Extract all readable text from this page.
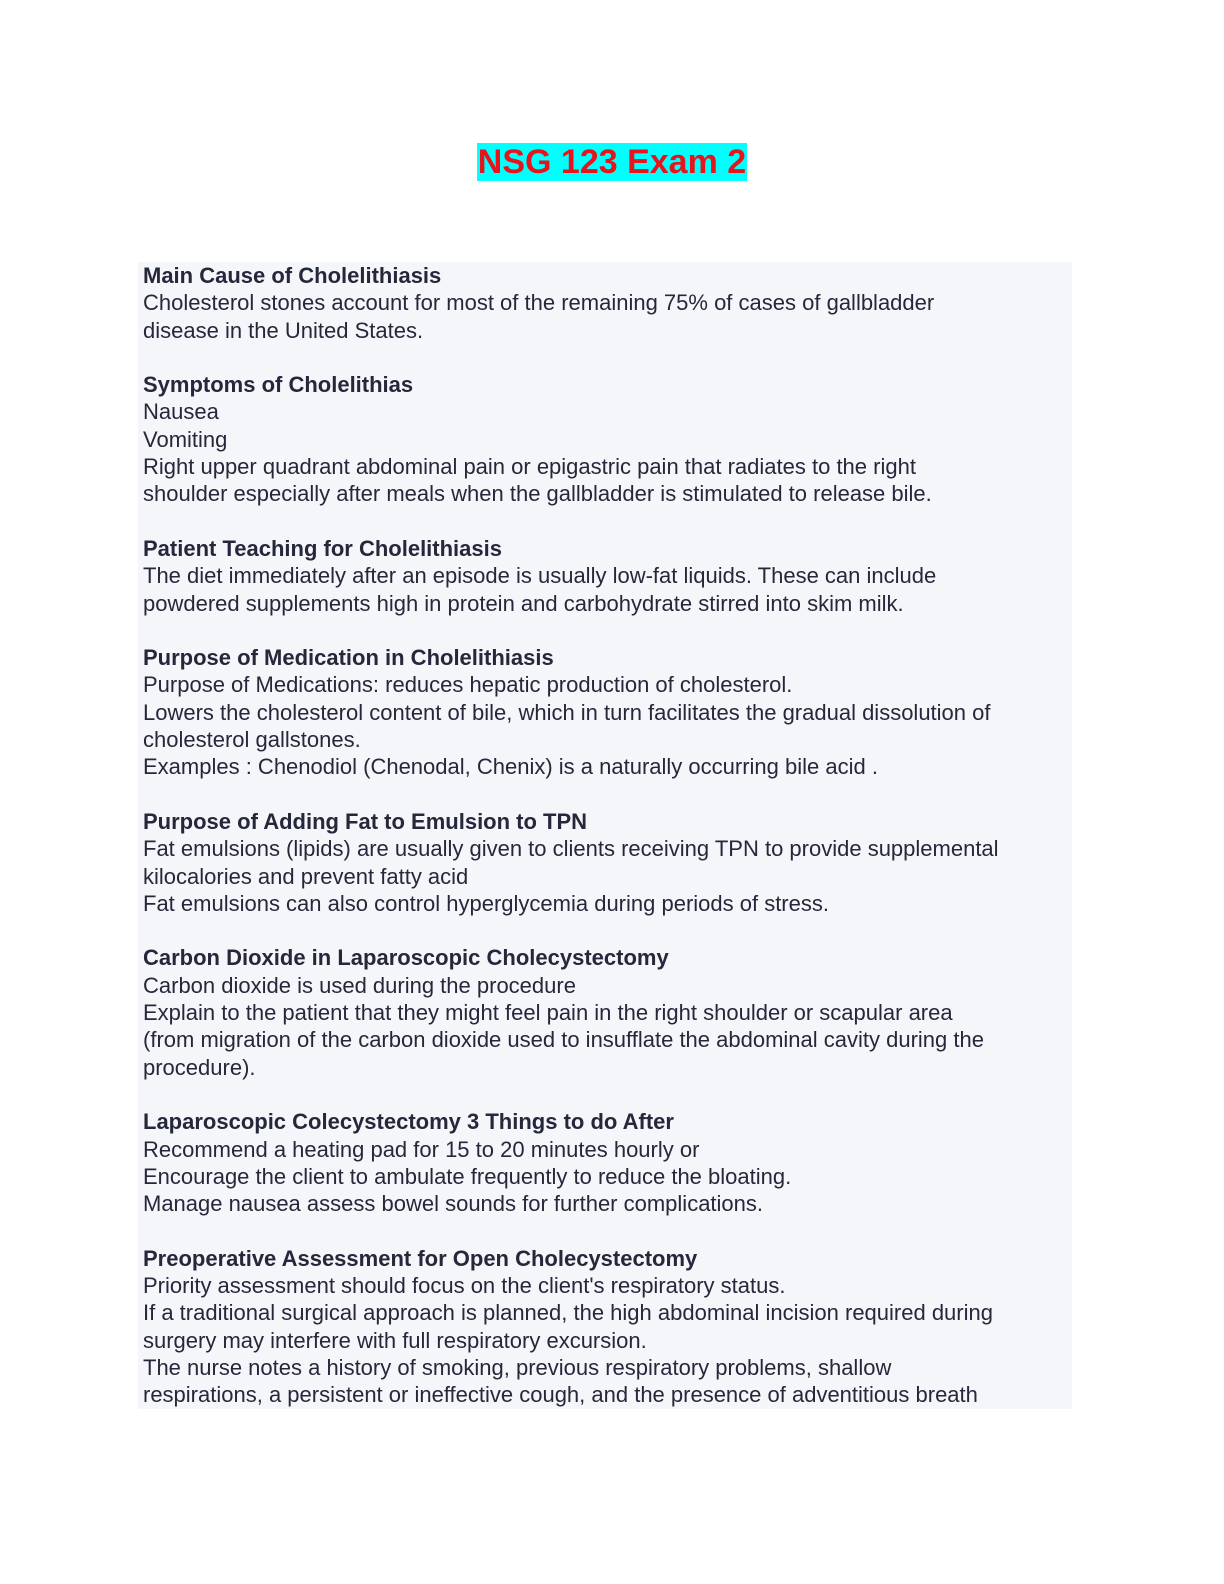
NSG 123 Exam 2

Main Cause of Cholelithiasis

Cholesterol stones account for most of the remaining 75% of cases of gallbladder

disease in the United States.

Symptoms of Cholelithias

Nausea

Vomiting

Right upper quadrant abdominal pain or epigastric pain that radiates to the right

shoulder especially after meals when the gallbladder is stimulated to release bile.

Patient Teaching for Cholelithiasis

The diet immediately after an episode is usually low-fat liquids. These can include

powdered supplements high in protein and carbohydrate stirred into skim milk.

Purpose of Medication in Cholelithiasis

Purpose of Medications: reduces hepatic production of cholesterol.

Lowers the cholesterol content of bile, which in turn facilitates the gradual dissolution of

cholesterol gallstones.

Examples : Chenodiol (Chenodal, Chenix) is a naturally occurring bile acid .

Purpose of Adding Fat to Emulsion to TPN

Fat emulsions (lipids) are usually given to clients receiving TPN to provide supplemental

kilocalories and prevent fatty acid

Fat emulsions can also control hyperglycemia during periods of stress.

Carbon Dioxide in Laparoscopic Cholecystectomy

Carbon dioxide is used during the procedure

Explain to the patient that they might feel pain in the right shoulder or scapular area

(from migration of the carbon dioxide used to insufflate the abdominal cavity during the

procedure).

Laparoscopic Colecystectomy 3 Things to do After

Recommend a heating pad for 15 to 20 minutes hourly or

Encourage the client to ambulate frequently to reduce the bloating.

Manage nausea assess bowel sounds for further complications.

Preoperative Assessment for Open Cholecystectomy

Priority assessment should focus on the client's respiratory status.

If a traditional surgical approach is planned, the high abdominal incision required during

surgery may interfere with full respiratory excursion.

The nurse notes a history of smoking, previous respiratory problems, shallow

respirations, a persistent or ineffective cough, and the presence of adventitious breath
